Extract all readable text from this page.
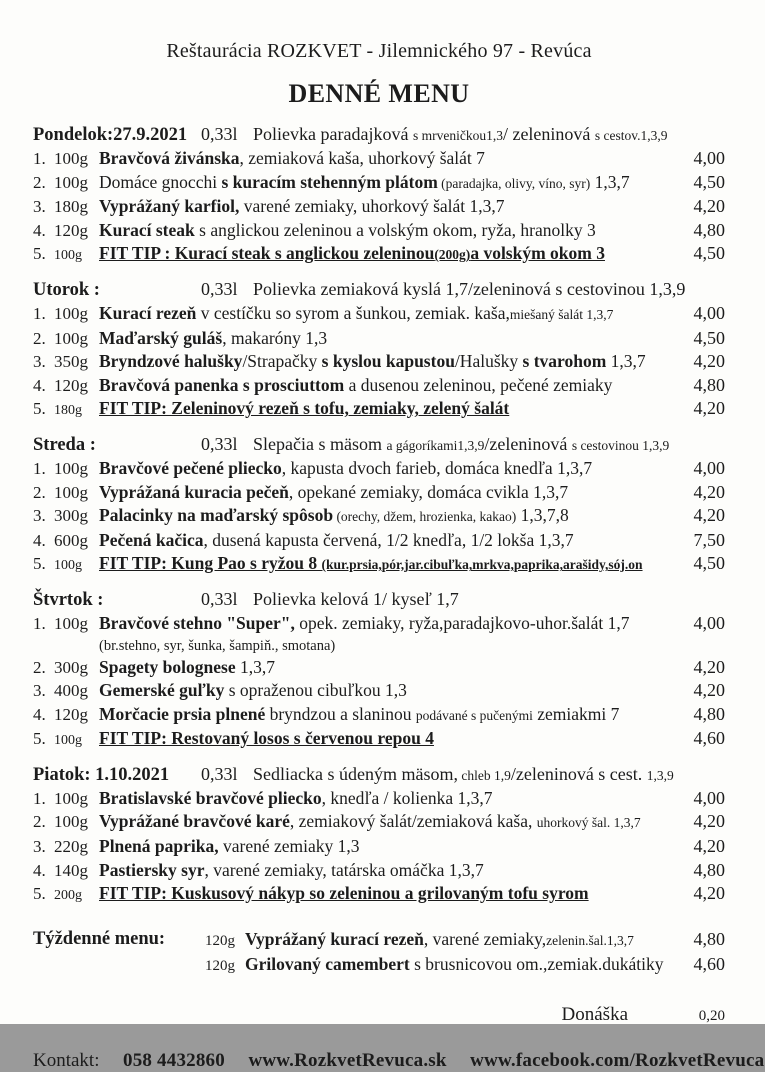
Reštaurácia ROZKVET - Jilemnického 97 - Revúca
DENNÉ MENU
Pondelok:27.9.2021 0,33l Polievka paradajková s mrveničkou1,3/ zeleninová s cestov.1,3,9
1. 100g Bravčová živánska, zemiaková kaša, uhorkový šalát 7	4,00
2. 100g Domáce gnocchi s kuracím stehenným plátom (paradajka, olivy, víno, syr) 1,3,7	4,50
3. 180g Vyprážaný karfiol, varené zemiaky, uhorkový šalát 1,3,7	4,20
4. 120g Kurací steak s anglickou zeleninou a volským okom, ryža, hranolky 3	4,80
5. 100g FIT TIP : Kurací steak s anglickou zeleninou(200g)a volským okom 3	4,50
Utorok :	0,33l Polievka zemiaková kyslá 1,7/zeleninová s cestovinou 1,3,9
1. 100g Kurací rezeň v cestíčku so syrom a šunkou, zemiak. kaša,miešaný šalát 1,3,7	4,00
2. 100g Maďarský guláš, makaróny 1,3	4,50
3. 350g Bryndzové halušky/Strapačky s kyslou kapustou/Halušky s tvarohom 1,3,7	4,20
4. 120g Bravčová panenka s prosciuttom a dusenou zeleninou, pečené zemiaky	4,80
5. 180g FIT TIP: Zeleninový rezeň s tofu, zemiaky, zelený šalát	4,20
Streda :	0,33l Slepačia s mäsom a gágoríkami1,3,9/zeleninová s cestovinou 1,3,9
1. 100g Bravčové pečené pliecko, kapusta dvoch farieb, domáca knedľa 1,3,7	4,00
2. 100g Vyprážaná kuracia pečeň, opekané zemiaky, domáca cvikla 1,3,7	4,20
3. 300g Palacinky na maďarský spôsob (orechy, džem, hrozienka, kakao) 1,3,7,8	4,20
4. 600g Pečená kačica, dusená kapusta červená, 1/2 knedľa, 1/2 lokša 1,3,7	7,50
5. 100g FIT TIP: Kung Pao s ryžou 8 (kur.prsia,pór,jar.cibuľka,mrkva,paprika,arašidy,sój.on	4,50
Štvrtok :	0,33l Polievka kelová 1/ kyseľ 1,7
1. 100g Bravčové stehno "Super", opek. zemiaky, ryža,paradajkovo-uhor.šalát 1,7	4,00
(br.stehno, syr, šunka, šampiň., smotana)
2. 300g Spagety bolognese 1,3,7	4,20
3. 400g Gemerské guľky s opraženou cibuľkou 1,3	4,20
4. 120g Morčacie prsia plnené bryndzou a slaninou podávané s pučenými zemiakmi 7	4,80
5. 100g FIT TIP: Restovaný losos s červenou repou 4	4,60
Piatok: 1.10.2021	0,33l Sedliacka s údeným mäsom, chleb 1,9/zeleninová s cest. 1,3,9
1. 100g Bratislavské bravčové pliecko, knedľa / kolienka 1,3,7	4,00
2. 100g Vyprážané bravčové karé, zemiakový šalát/zemiaková kaša, uhorkový šal. 1,3,7	4,20
3. 220g Plnená paprika, varené zemiaky 1,3	4,20
4. 140g Pastiersky syr, varené zemiaky, tatárska omáčka 1,3,7	4,80
5. 200g FIT TIP: Kuskusový nákyp so zeleninou a grilovaným tofu syrom	4,20
Týždenné menu:	120g Vyprážaný kurací rezeň, varené zemiaky,zelenin.šal.1,3,7	4,80
120g Grilovaný camembert s brusnicovou om.,zemiak.dukátiky	4,60
Donáška	0,20
Kontakt: 058 4432860 www.RozkvetRevuca.sk www.facebook.com/RozkvetRevuca
